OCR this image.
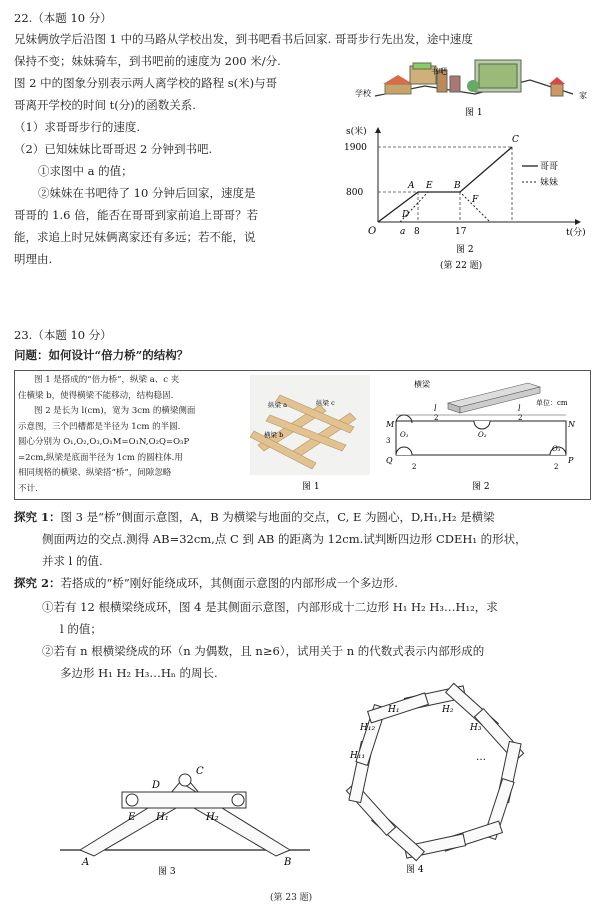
22.（本题 10 分）
兄妹俩放学后沿图 1 中的马路从学校出发，到书吧看书后回家. 哥哥步行先出发，途中速度
保持不变；妹妹骑车，到书吧前的速度为 200 米/分.
图 2 中的图象分别表示两人离学校的路程 s(米)与哥
哥离开学校的时间 t(分)的函数关系.
（1）求哥哥步行的速度.
（2）已知妹妹比哥哥迟 2 分钟到书吧.
①求图中 a 的值；
②妹妹在书吧待了 10 分钟后回家，速度是
哥哥的 1.6 倍，能否在哥哥到家前追上哥哥？若
能，求追上时兄妹俩离家还有多远；若不能，说
明理由.
学校
书吧
家
图 1
s(米)
t(分)
O
1900
800
a 8	17
A E B
C
D
F
哥哥
妹妹
图 2
(第 22 题)
23.（本题 10 分）
问题：如何设计“倍力桥”的结构？
图 1 是搭成的“倍力桥”，纵梁 a、c 夹
住横梁 b，使得横梁不能移动，结构稳固.
图 2 是长为 l(cm)，宽为 3cm 的横梁侧面
示意图，三个凹槽都是半径为 1cm 的半圆.
圆心分别为 O₁,O₂,O₃,O₁M=O₁N,O₂Q=O₃P
=2cm,纵梁是底面半径为 1cm 的圆柱体.用
相同规格的横梁、纵梁搭“桥”，间隙忽略
不计.
纵梁 a	纵梁 c
横梁 b
图 1
横梁
单位：cm
l
2
l
2
M	N
O₁	O₂
O₃
Q	P
3
2	2
图 2
探究 1：图 3 是“桥”侧面示意图，A，B 为横梁与地面的交点，C, E 为圆心，D,H₁,H₂ 是横梁
侧面两边的交点.测得 AB=32cm,点 C 到 AB 的距离为 12cm.试判断四边形 CDEH₁ 的形状，
并求 l 的值.
探究 2：若搭成的“桥”刚好能绕成环，其侧面示意图的内部形成一个多边形.
①若有 12 根横梁绕成环，图 4 是其侧面示意图，内部形成十二边形 H₁ H₂ H₃…H₁₂，求
l 的值；
②若有 n 根横梁绕成的环（n 为偶数，且 n≥6），试用关于 n 的代数式表示内部形成的
多边形 H₁ H₂ H₃…Hₙ 的周长.
A	B
C
D
E H₁	H₂
图 3
H₁	H₂
H₃
H₁₂
H₁₁	…
图 4
(第 23 题)
